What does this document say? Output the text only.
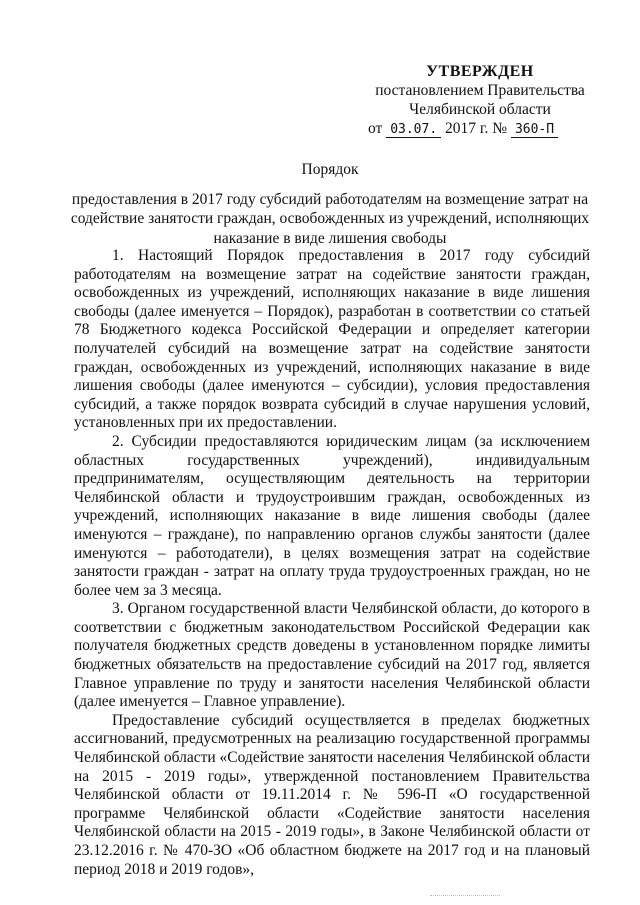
УТВЕРЖДЕН
постановлением Правительства
Челябинской области
от 03.07. 2017 г. № 360-П
Порядок
предоставления в 2017 году субсидий работодателям на возмещение затрат на содействие занятости граждан, освобожденных из учреждений, исполняющих наказание в виде лишения свободы

1. Настоящий Порядок предоставления в 2017 году субсидий работодателям на возмещение затрат на содействие занятости граждан, освобожденных из учреждений, исполняющих наказание в виде лишения свободы (далее именуется – Порядок), разработан в соответствии со статьей 78 Бюджетного кодекса Российской Федерации и определяет категории получателей субсидий на возмещение затрат на содействие занятости граждан, освобожденных из учреждений, исполняющих наказание в виде лишения свободы (далее именуются – субсидии), условия предоставления субсидий, а также порядок возврата субсидий в случае нарушения условий, установленных при их предоставлении.

2. Субсидии предоставляются юридическим лицам (за исключением областных государственных учреждений), индивидуальным предпринимателям, осуществляющим деятельность на территории Челябинской области и трудоустроившим граждан, освобожденных из учреждений, исполняющих наказание в виде лишения свободы (далее именуются – граждане), по направлению органов службы занятости (далее именуются – работодатели), в целях возмещения затрат на содействие занятости граждан - затрат на оплату труда трудоустроенных граждан, но не более чем за 3 месяца.

3. Органом государственной власти Челябинской области, до которого в соответствии с бюджетным законодательством Российской Федерации как получателя бюджетных средств доведены в установленном порядке лимиты бюджетных обязательств на предоставление субсидий на 2017 год, является Главное управление по труду и занятости населения Челябинской области (далее именуется – Главное управление).

Предоставление субсидий осуществляется в пределах бюджетных ассигнований, предусмотренных на реализацию государственной программы Челябинской области «Содействие занятости населения Челябинской области на 2015 - 2019 годы», утвержденной постановлением Правительства Челябинской области от 19.11.2014 г. № 596-П «О государственной программе Челябинской области «Содействие занятости населения Челябинской области на 2015 - 2019 годы», в Законе Челябинской области от 23.12.2016 г. № 470-ЗО «Об областном бюджете на 2017 год и на плановый период 2018 и 2019 годов»,
